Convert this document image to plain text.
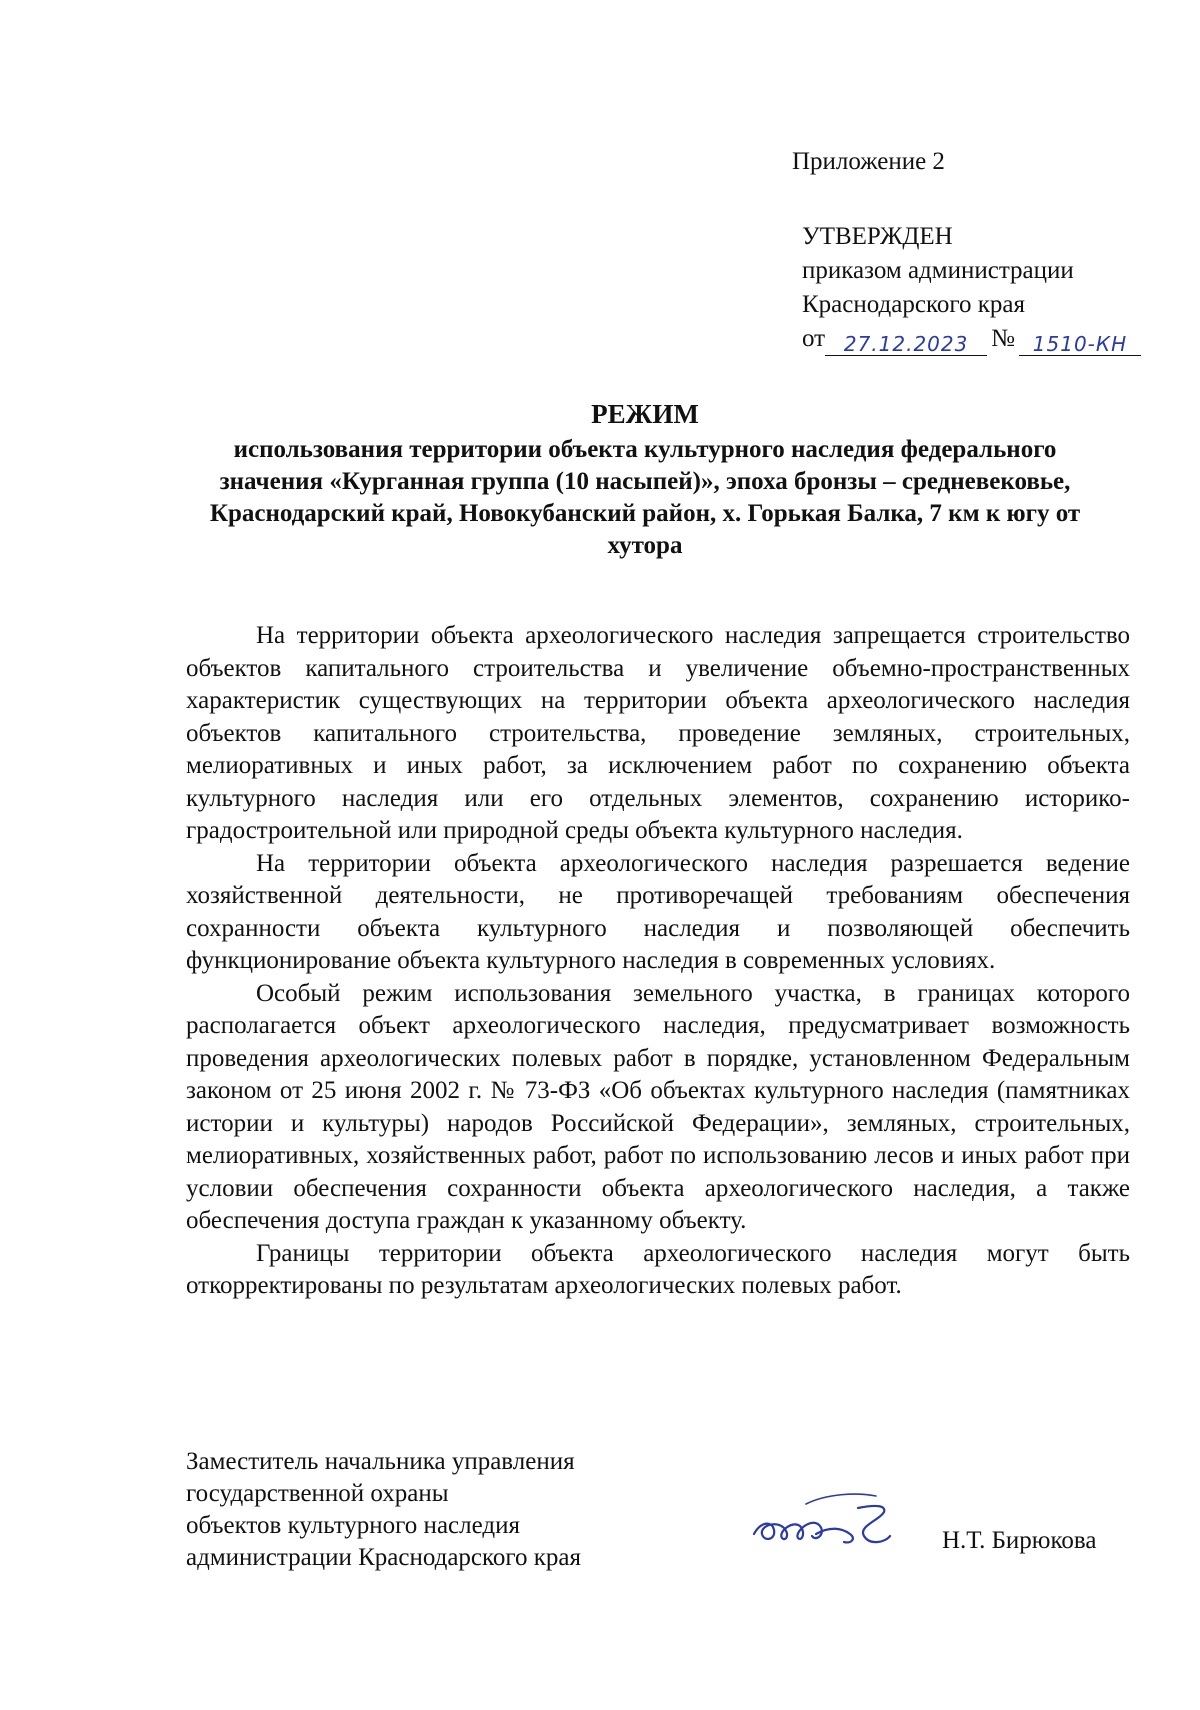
Приложение 2
УТВЕРЖДЕН
приказом администрации
Краснодарского края
от 27.12.2023 № 1510-КН
РЕЖИМ
использования территории объекта культурного наследия федерального значения «Курганная группа (10 насыпей)», эпоха бронзы – средневековье, Краснодарский край, Новокубанский район, х. Горькая Балка, 7 км к югу от хутора

На территории объекта археологического наследия запрещается строительство объектов капитального строительства и увеличение объемно-пространственных характеристик существующих на территории объекта археологического наследия объектов капитального строительства, проведение земляных, строительных, мелиоративных и иных работ, за исключением работ по сохранению объекта культурного наследия или его отдельных элементов, сохранению историко-градостроительной или природной среды объекта культурного наследия.

На территории объекта археологического наследия разрешается ведение хозяйственной деятельности, не противоречащей требованиям обеспечения сохранности объекта культурного наследия и позволяющей обеспечить функционирование объекта культурного наследия в современных условиях.

Особый режим использования земельного участка, в границах которого располагается объект археологического наследия, предусматривает возможность проведения археологических полевых работ в порядке, установленном Федеральным законом от 25 июня 2002 г. № 73-ФЗ «Об объектах культурного наследия (памятниках истории и культуры) народов Российской Федерации», земляных, строительных, мелиоративных, хозяйственных работ, работ по использованию лесов и иных работ при условии обеспечения сохранности объекта археологического наследия, а также обеспечения доступа граждан к указанному объекту.

Границы территории объекта археологического наследия могут быть откорректированы по результатам археологических полевых работ.

Заместитель начальника управления
государственной охраны
объектов культурного наследия
администрации Краснодарского края
Н.Т. Бирюкова
